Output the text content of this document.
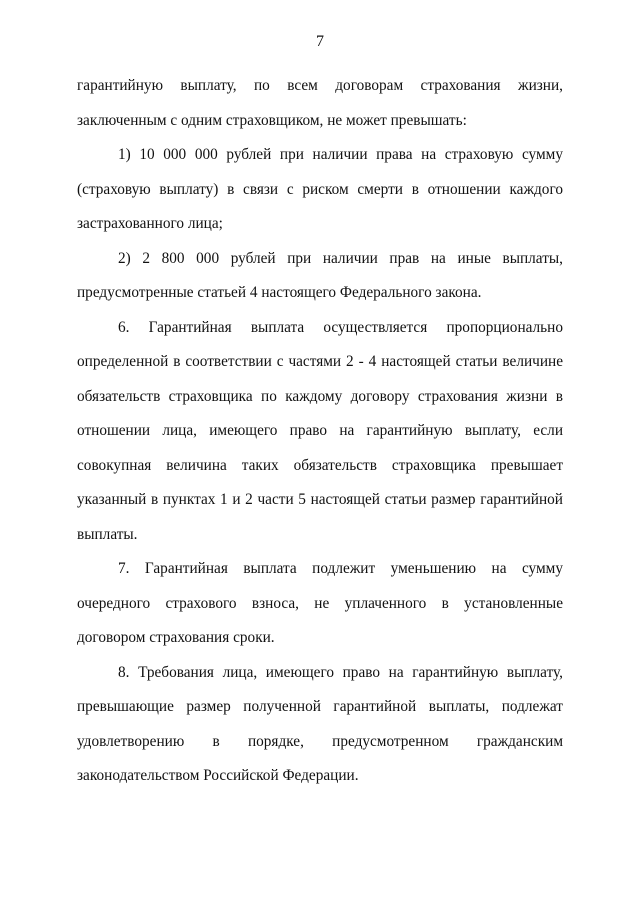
7

гарантийную выплату, по всем договорам страхования жизни, заключенным с одним страховщиком, не может превышать:

1) 10 000 000 рублей при наличии права на страховую сумму (страховую выплату) в связи с риском смерти в отношении каждого застрахованного лица;

2) 2 800 000 рублей при наличии прав на иные выплаты, предусмотренные статьей 4 настоящего Федерального закона.

6. Гарантийная выплата осуществляется пропорционально определенной в соответствии с частями 2 - 4 настоящей статьи величине обязательств страховщика по каждому договору страхования жизни в отношении лица, имеющего право на гарантийную выплату, если совокупная величина таких обязательств страховщика превышает указанный в пунктах 1 и 2 части 5 настоящей статьи размер гарантийной выплаты.

7. Гарантийная выплата подлежит уменьшению на сумму очередного страхового взноса, не уплаченного в установленные договором страхования сроки.

8. Требования лица, имеющего право на гарантийную выплату, превышающие размер полученной гарантийной выплаты, подлежат удовлетворению в порядке, предусмотренном гражданским законодательством Российской Федерации.
